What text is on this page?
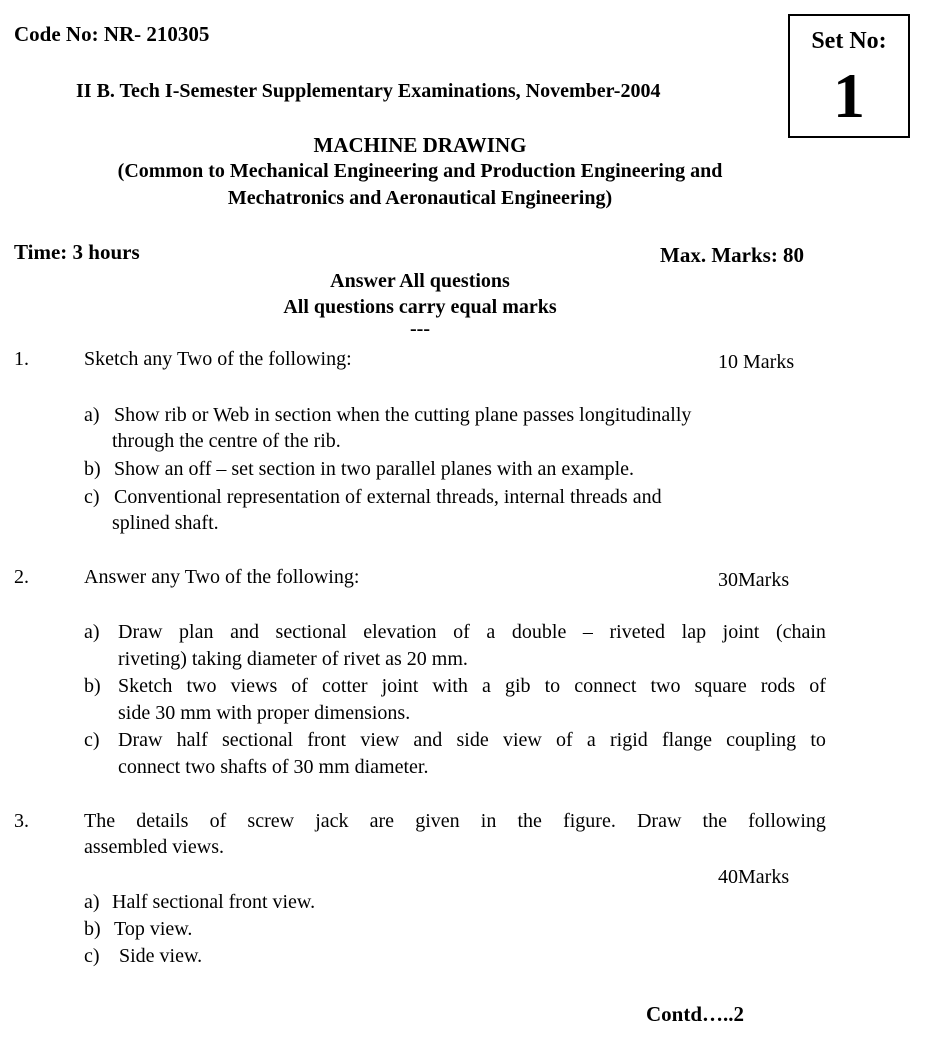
Code No: NR- 210305	Set No:
1
II B. Tech I-Semester Supplementary Examinations, November-2004
MACHINE DRAWING
(Common to Mechanical Engineering and Production Engineering and
Mechatronics and Aeronautical Engineering)
Time: 3 hours	Max. Marks: 80
Answer All questions
All questions carry equal marks
---
1.	Sketch any Two of the following:	10 Marks
a) Show rib or Web in section when the cutting plane passes longitudinally
through the centre of the rib.
b) Show an off – set section in two parallel planes with an example.
c) Conventional representation of external threads, internal threads and
splined shaft.
2.	Answer any Two of the following:	30Marks
a) Draw plan and sectional elevation of a double – riveted lap joint (chain
riveting) taking diameter of rivet as 20 mm.
b) Sketch two views of cotter joint with a gib to connect two square rods of
side 30 mm with proper dimensions.
c) Draw half sectional front view and side view of a rigid flange coupling to
connect two shafts of 30 mm diameter.
3.	The details of screw jack are given in the figure. Draw the following
assembled views.
40Marks
a) Half sectional front view.
b) Top view.
c) Side view.
Contd…..2
